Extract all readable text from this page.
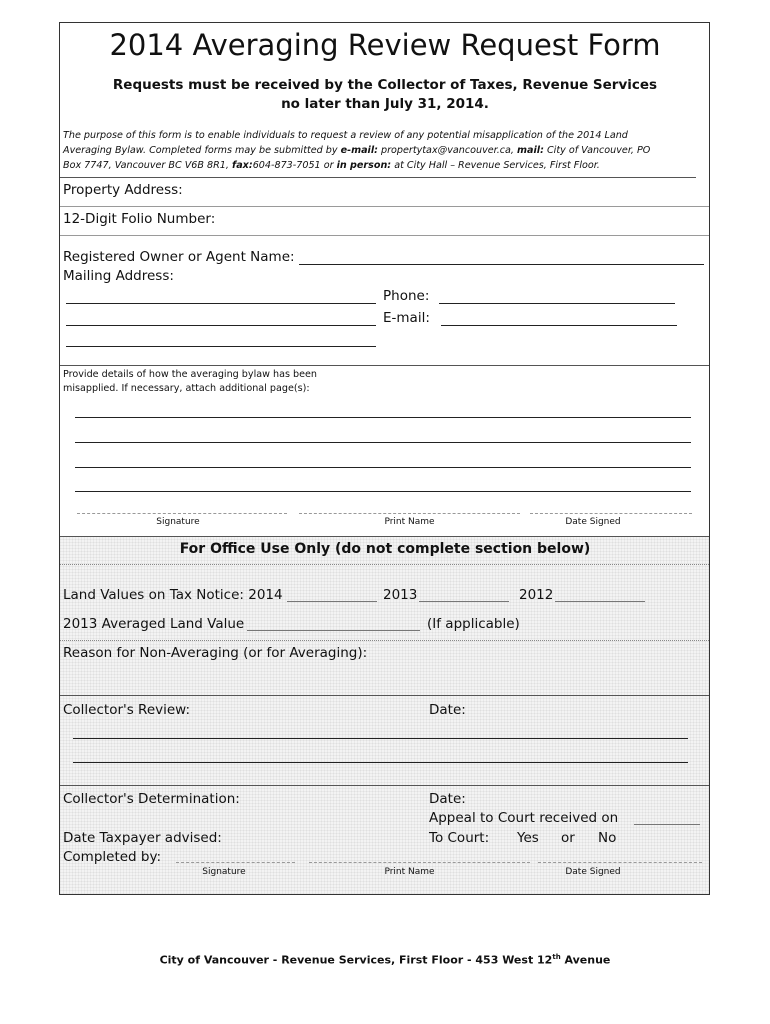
2014 Averaging Review Request Form
Requests must be received by the Collector of Taxes, Revenue Services
no later than July 31, 2014.
The purpose of this form is to enable individuals to request a review of any potential misapplication of the 2014 Land
Averaging Bylaw. Completed forms may be submitted by e-mail: propertytax@vancouver.ca, mail: City of Vancouver, PO
Box 7747, Vancouver BC V6B 8R1, fax:604-873-7051 or in person: at City Hall – Revenue Services, First Floor.
Property Address:
12-Digit Folio Number:
Registered Owner or Agent Name:
Mailing Address:
Phone:
E-mail:
Provide details of how the averaging bylaw has been
misapplied. If necessary, attach additional page(s):
Signature	Print Name	Date Signed
For Office Use Only (do not complete section below)
Land Values on Tax Notice: 2014	2013	2012
2013 Averaged Land Value	(If applicable)
Reason for Non-Averaging (or for Averaging):
Collector's Review:	Date:
Collector's Determination:	Date:
Appeal to Court received on
Date Taxpayer advised:	To Court: Yes or No
Completed by:
Signature	Print Name	Date Signed
City of Vancouver - Revenue Services, First Floor - 453 West 12th Avenue
